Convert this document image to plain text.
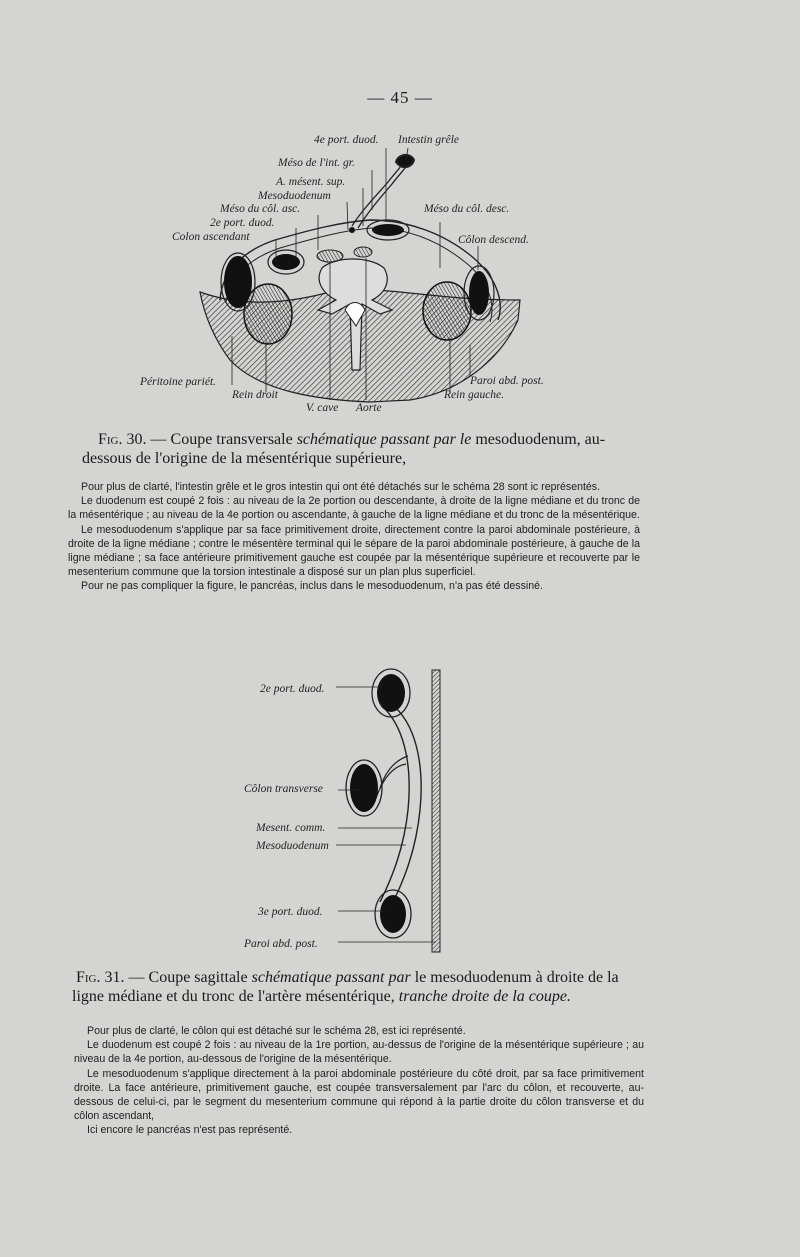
— 45 —
4e port. duod. Intestin grêle
Méso de l'int. gr.
A. mésent. sup.
Mesoduodenum
Méso du côl. asc.
2e port. duod.
Colon ascendant
Méso du côl. desc.
Côlon descend.
Péritoine pariét.
Rein droit
V. cave Aorte
Paroi abd. post.
Rein gauche.
Fig. 30. — Coupe transversale schématique passant par le mesoduodenum, au-dessous de l'origine de la mésentérique supérieure,

Pour plus de clarté, l'intestin grêle et le gros intestin qui ont été détachés sur le schéma 28 sont ic représentés.

Le duodenum est coupé 2 fois : au niveau de la 2e portion ou descendante, à droite de la ligne médiane et du tronc de la mésentérique ; au niveau de la 4e portion ou ascendante, à gauche de la ligne médiane et du tronc de la mésentérique.

Le mesoduodenum s'applique par sa face primitivement droite, directement contre la paroi abdominale postérieure, à droite de la ligne médiane ; contre le mésentère terminal qui le sépare de la paroi abdominale postérieure, à gauche de la ligne médiane ; sa face antérieure primitivement gauche est coupée par la mésentérique supérieure et recouverte par le mesenterium commune que la torsion intestinale a disposé sur un plan plus superficiel.

Pour ne pas compliquer la figure, le pancréas, inclus dans le mesoduodenum, n'a pas été dessiné.

2e port. duod.
Côlon transverse
Mesent. comm.
Mesoduodenum
3e port. duod.
Paroi abd. post.
Fig. 31. — Coupe sagittale schématique passant par le mesoduodenum à droite de la ligne médiane et du tronc de l'artère mésentérique, tranche droite de la coupe.

Pour plus de clarté, le côlon qui est détaché sur le schéma 28, est ici représenté.

Le duodenum est coupé 2 fois : au niveau de la 1re portion, au-dessus de l'origine de la mésentérique supérieure ; au niveau de la 4e portion, au-dessous de l'origine de la mésentérique.

Le mesoduodenum s'applique directement à la paroi abdominale postérieure du côté droit, par sa face primitivement droite. La face antérieure, primitivement gauche, est coupée transversalement par l'arc du côlon, et recouverte, au-dessous de celui-ci, par le segment du mesenterium commune qui répond à la partie droite du côlon transverse et du côlon ascendant,

Ici encore le pancréas n'est pas représenté.
